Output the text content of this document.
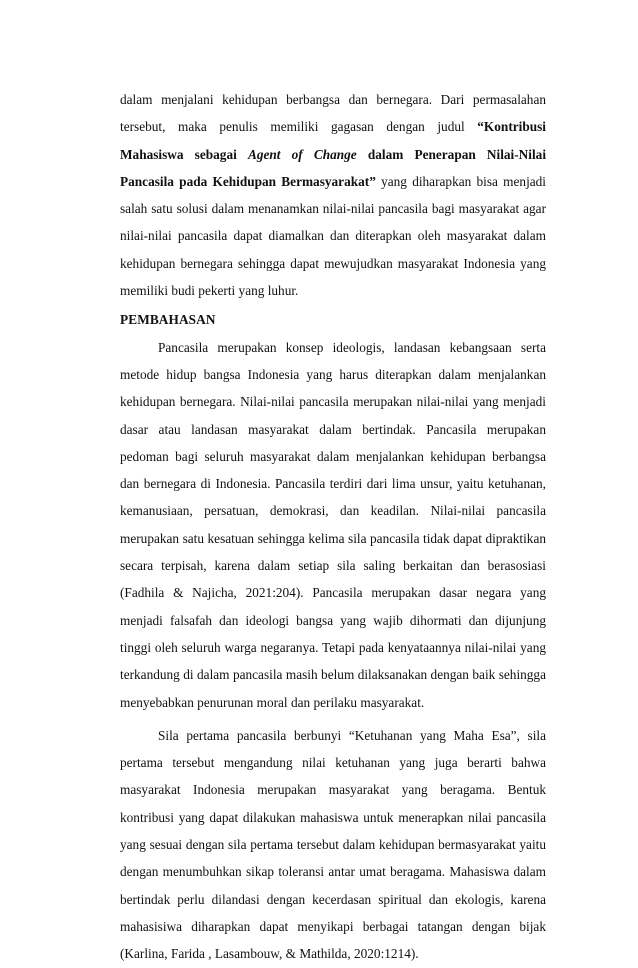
dalam menjalani kehidupan berbangsa dan bernegara. Dari permasalahan tersebut, maka penulis memiliki gagasan dengan judul “Kontribusi Mahasiswa sebagai Agent of Change dalam Penerapan Nilai-Nilai Pancasila pada Kehidupan Bermasyarakat” yang diharapkan bisa menjadi salah satu solusi dalam menanamkan nilai-nilai pancasila bagi masyarakat agar nilai-nilai pancasila dapat diamalkan dan diterapkan oleh masyarakat dalam kehidupan bernegara sehingga dapat mewujudkan masyarakat Indonesia yang memiliki budi pekerti yang luhur.

PEMBAHASAN

Pancasila merupakan konsep ideologis, landasan kebangsaan serta metode hidup bangsa Indonesia yang harus diterapkan dalam menjalankan kehidupan bernegara. Nilai-nilai pancasila merupakan nilai-nilai yang menjadi dasar atau landasan masyarakat dalam bertindak. Pancasila merupakan pedoman bagi seluruh masyarakat dalam menjalankan kehidupan berbangsa dan bernegara di Indonesia. Pancasila terdiri dari lima unsur, yaitu ketuhanan, kemanusiaan, persatuan, demokrasi, dan keadilan. Nilai-nilai pancasila merupakan satu kesatuan sehingga kelima sila pancasila tidak dapat dipraktikan secara terpisah, karena dalam setiap sila saling berkaitan dan berasosiasi (Fadhila & Najicha, 2021:204). Pancasila merupakan dasar negara yang menjadi falsafah dan ideologi bangsa yang wajib dihormati dan dijunjung tinggi oleh seluruh warga negaranya. Tetapi pada kenyataannya nilai-nilai yang terkandung di dalam pancasila masih belum dilaksanakan dengan baik sehingga menyebabkan penurunan moral dan perilaku masyarakat.

Sila pertama pancasila berbunyi “Ketuhanan yang Maha Esa”, sila pertama tersebut mengandung nilai ketuhanan yang juga berarti bahwa masyarakat Indonesia merupakan masyarakat yang beragama. Bentuk kontribusi yang dapat dilakukan mahasiswa untuk menerapkan nilai pancasila yang sesuai dengan sila pertama tersebut dalam kehidupan bermasyarakat yaitu dengan menumbuhkan sikap toleransi antar umat beragama. Mahasiswa dalam bertindak perlu dilandasi dengan kecerdasan spiritual dan ekologis, karena mahasisiwa diharapkan dapat menyikapi berbagai tatangan dengan bijak (Karlina, Farida , Lasambouw, & Mathilda, 2020:1214).
